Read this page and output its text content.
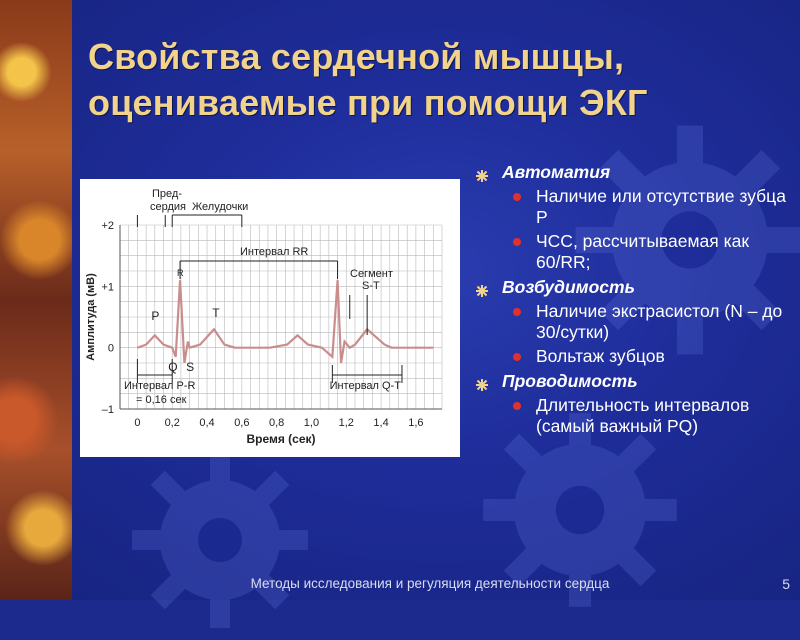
Свойства сердечной мышцы, оцениваемые при помощи ЭКГ
Пред-
сердия Желудочки
Интервал RR
Сегмент
S-T
P
R
Q S
T
Интервал P-R
= 0,16 сек
Интервал Q-T
0 0,2 0,4 0,6 0,8 1,0 1,2 1,4 1,6
+2
+1
0
–1
Время (сек)
Амплитуда (мВ)
Автоматия
Наличие или отсутствие зубца Р
ЧСС, рассчитываемая как 60/RR;
Возбудимость
Наличие экстрасистол (N – до 30/сутки)
Вольтаж зубцов
Проводимость
Длительность интервалов (самый важный PQ)
Методы исследования и регуляция деятельности сердца	5
